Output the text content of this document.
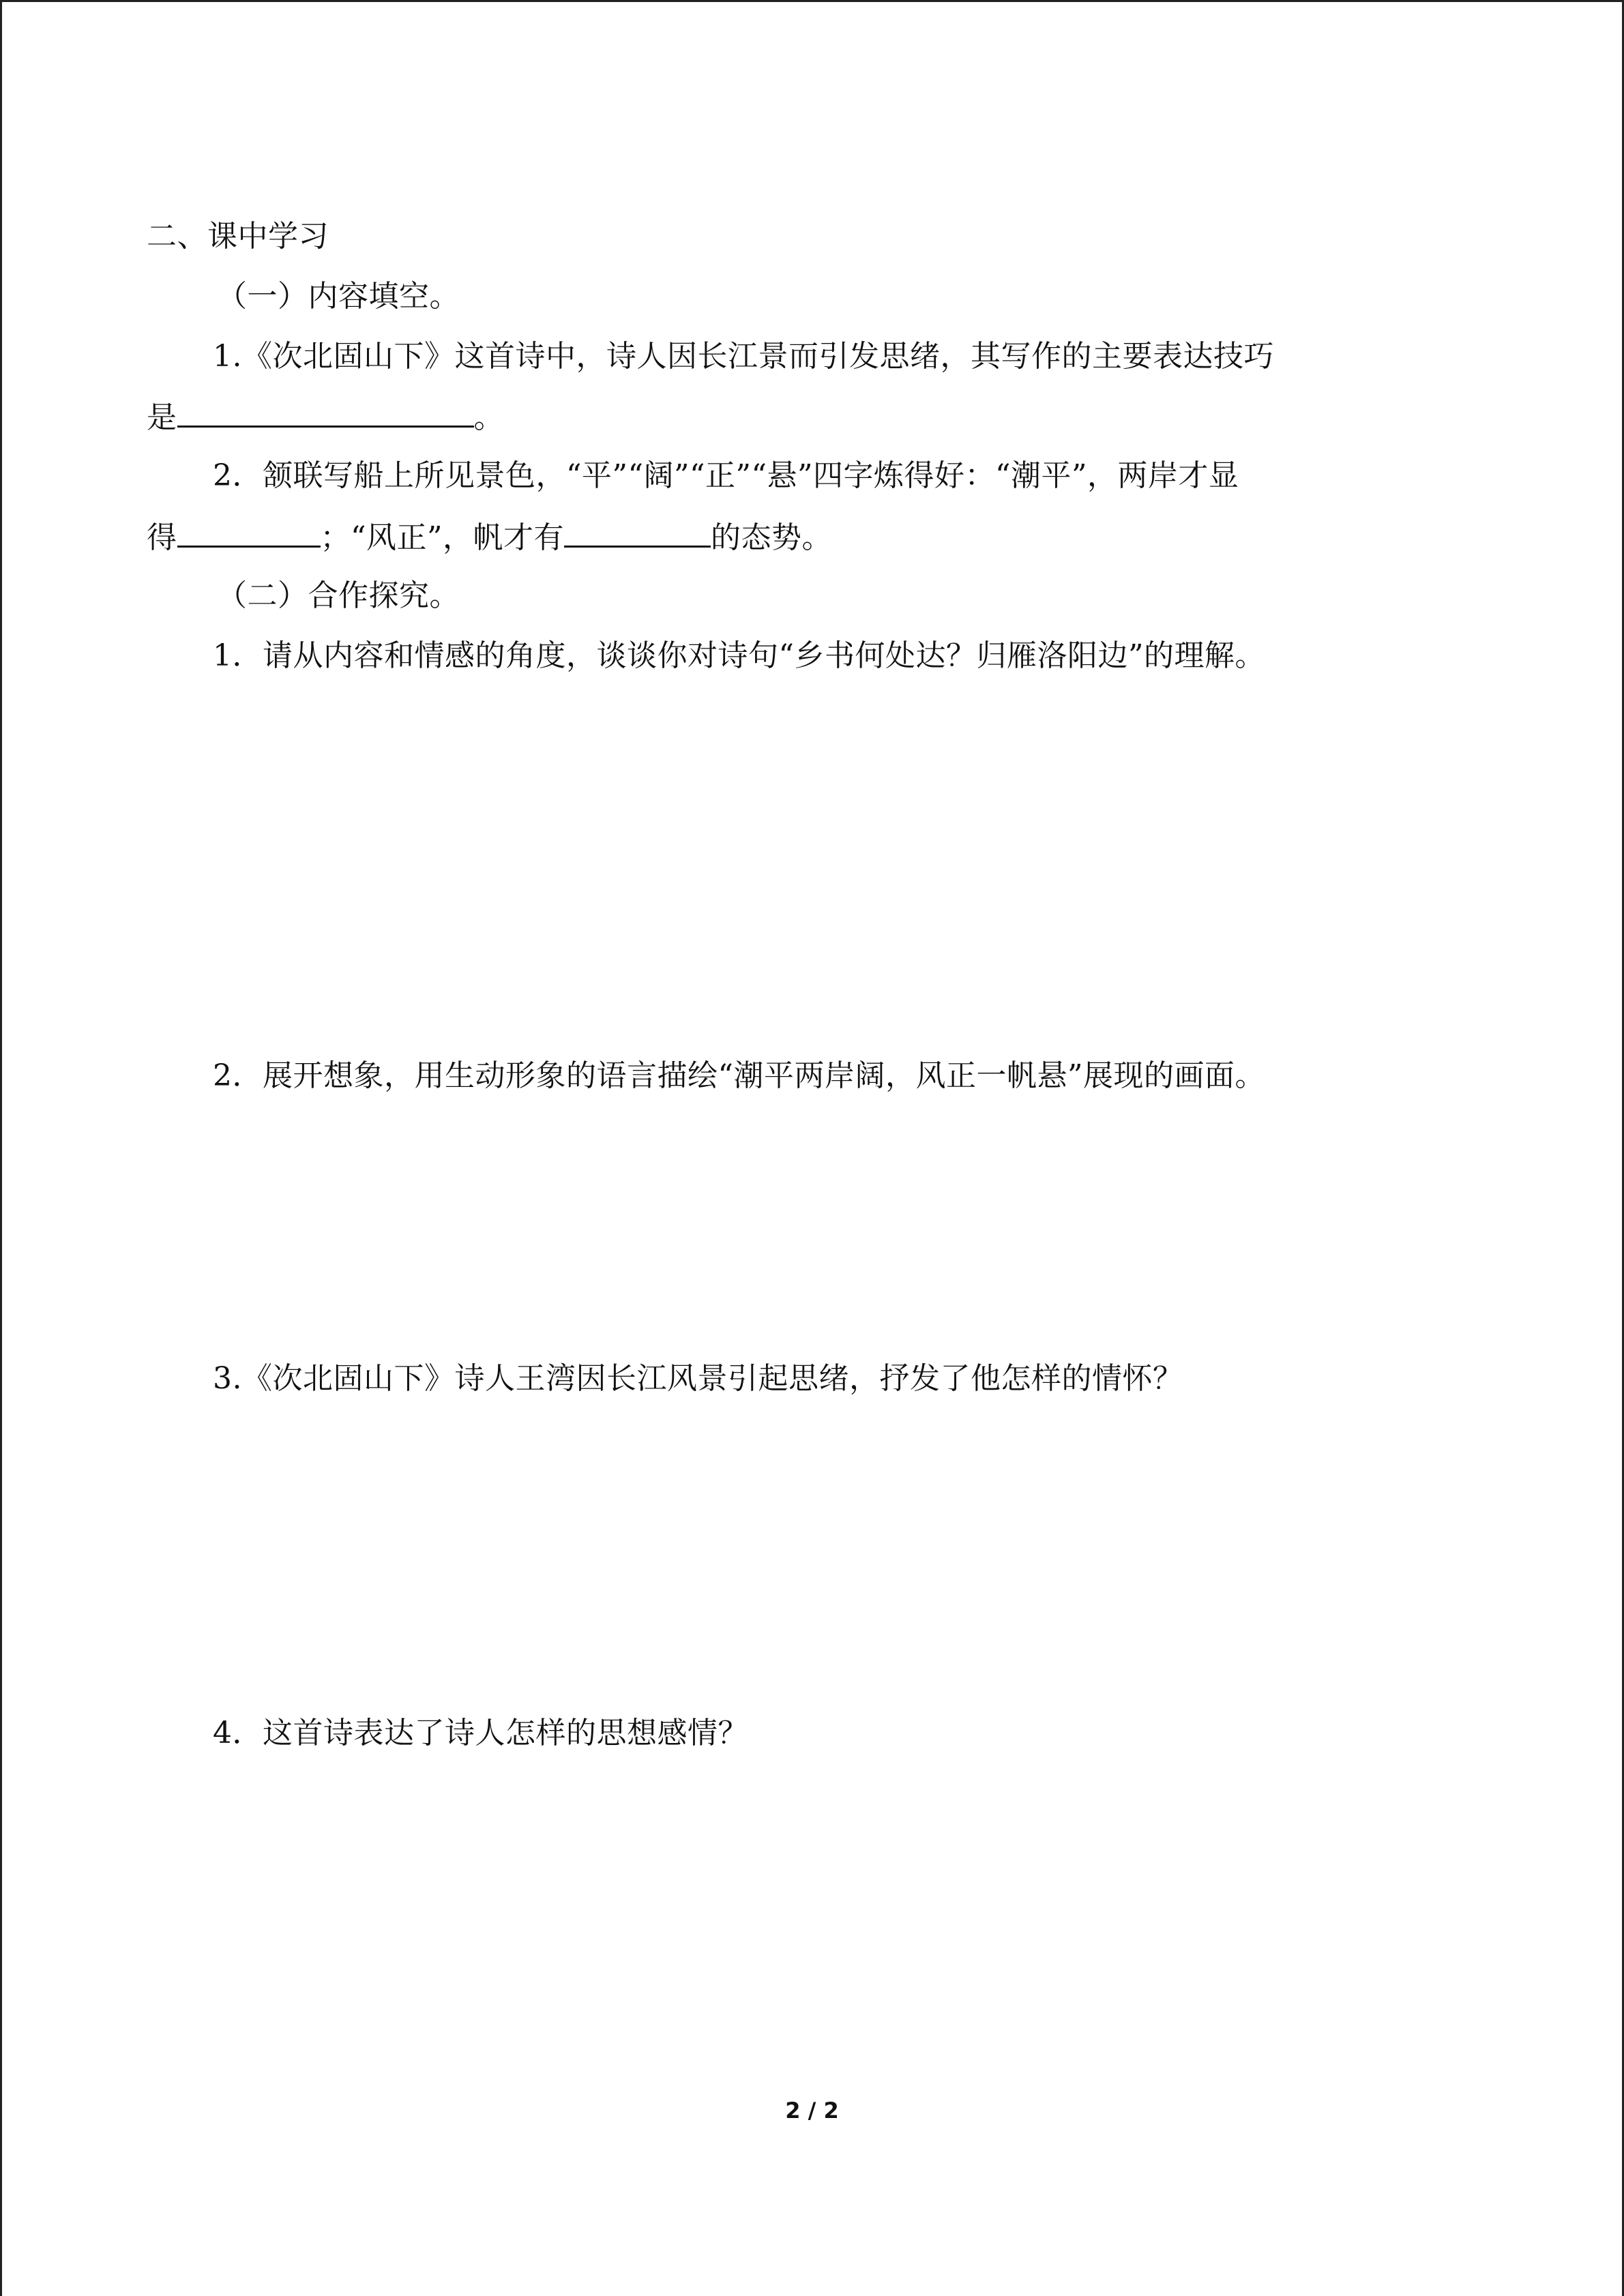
二、课中学习
（一）内容填空。
1.《次北固山下》这首诗中，诗人因长江景而引发思绪，其写作的主要表达技巧
是	。
2．颔联写船上所见景色，“平”“阔”“正”“悬”四字炼得好：“潮平”，两岸才显
得	；“风正”，帆才有	的态势。
（二）合作探究。
1．请从内容和情感的角度，谈谈你对诗句“乡书何处达？归雁洛阳边”的理解。
2．展开想象，用生动形象的语言描绘“潮平两岸阔，风正一帆悬”展现的画面。
3.《次北固山下》诗人王湾因长江风景引起思绪，抒发了他怎样的情怀？
4．这首诗表达了诗人怎样的思想感情？
2 / 2
